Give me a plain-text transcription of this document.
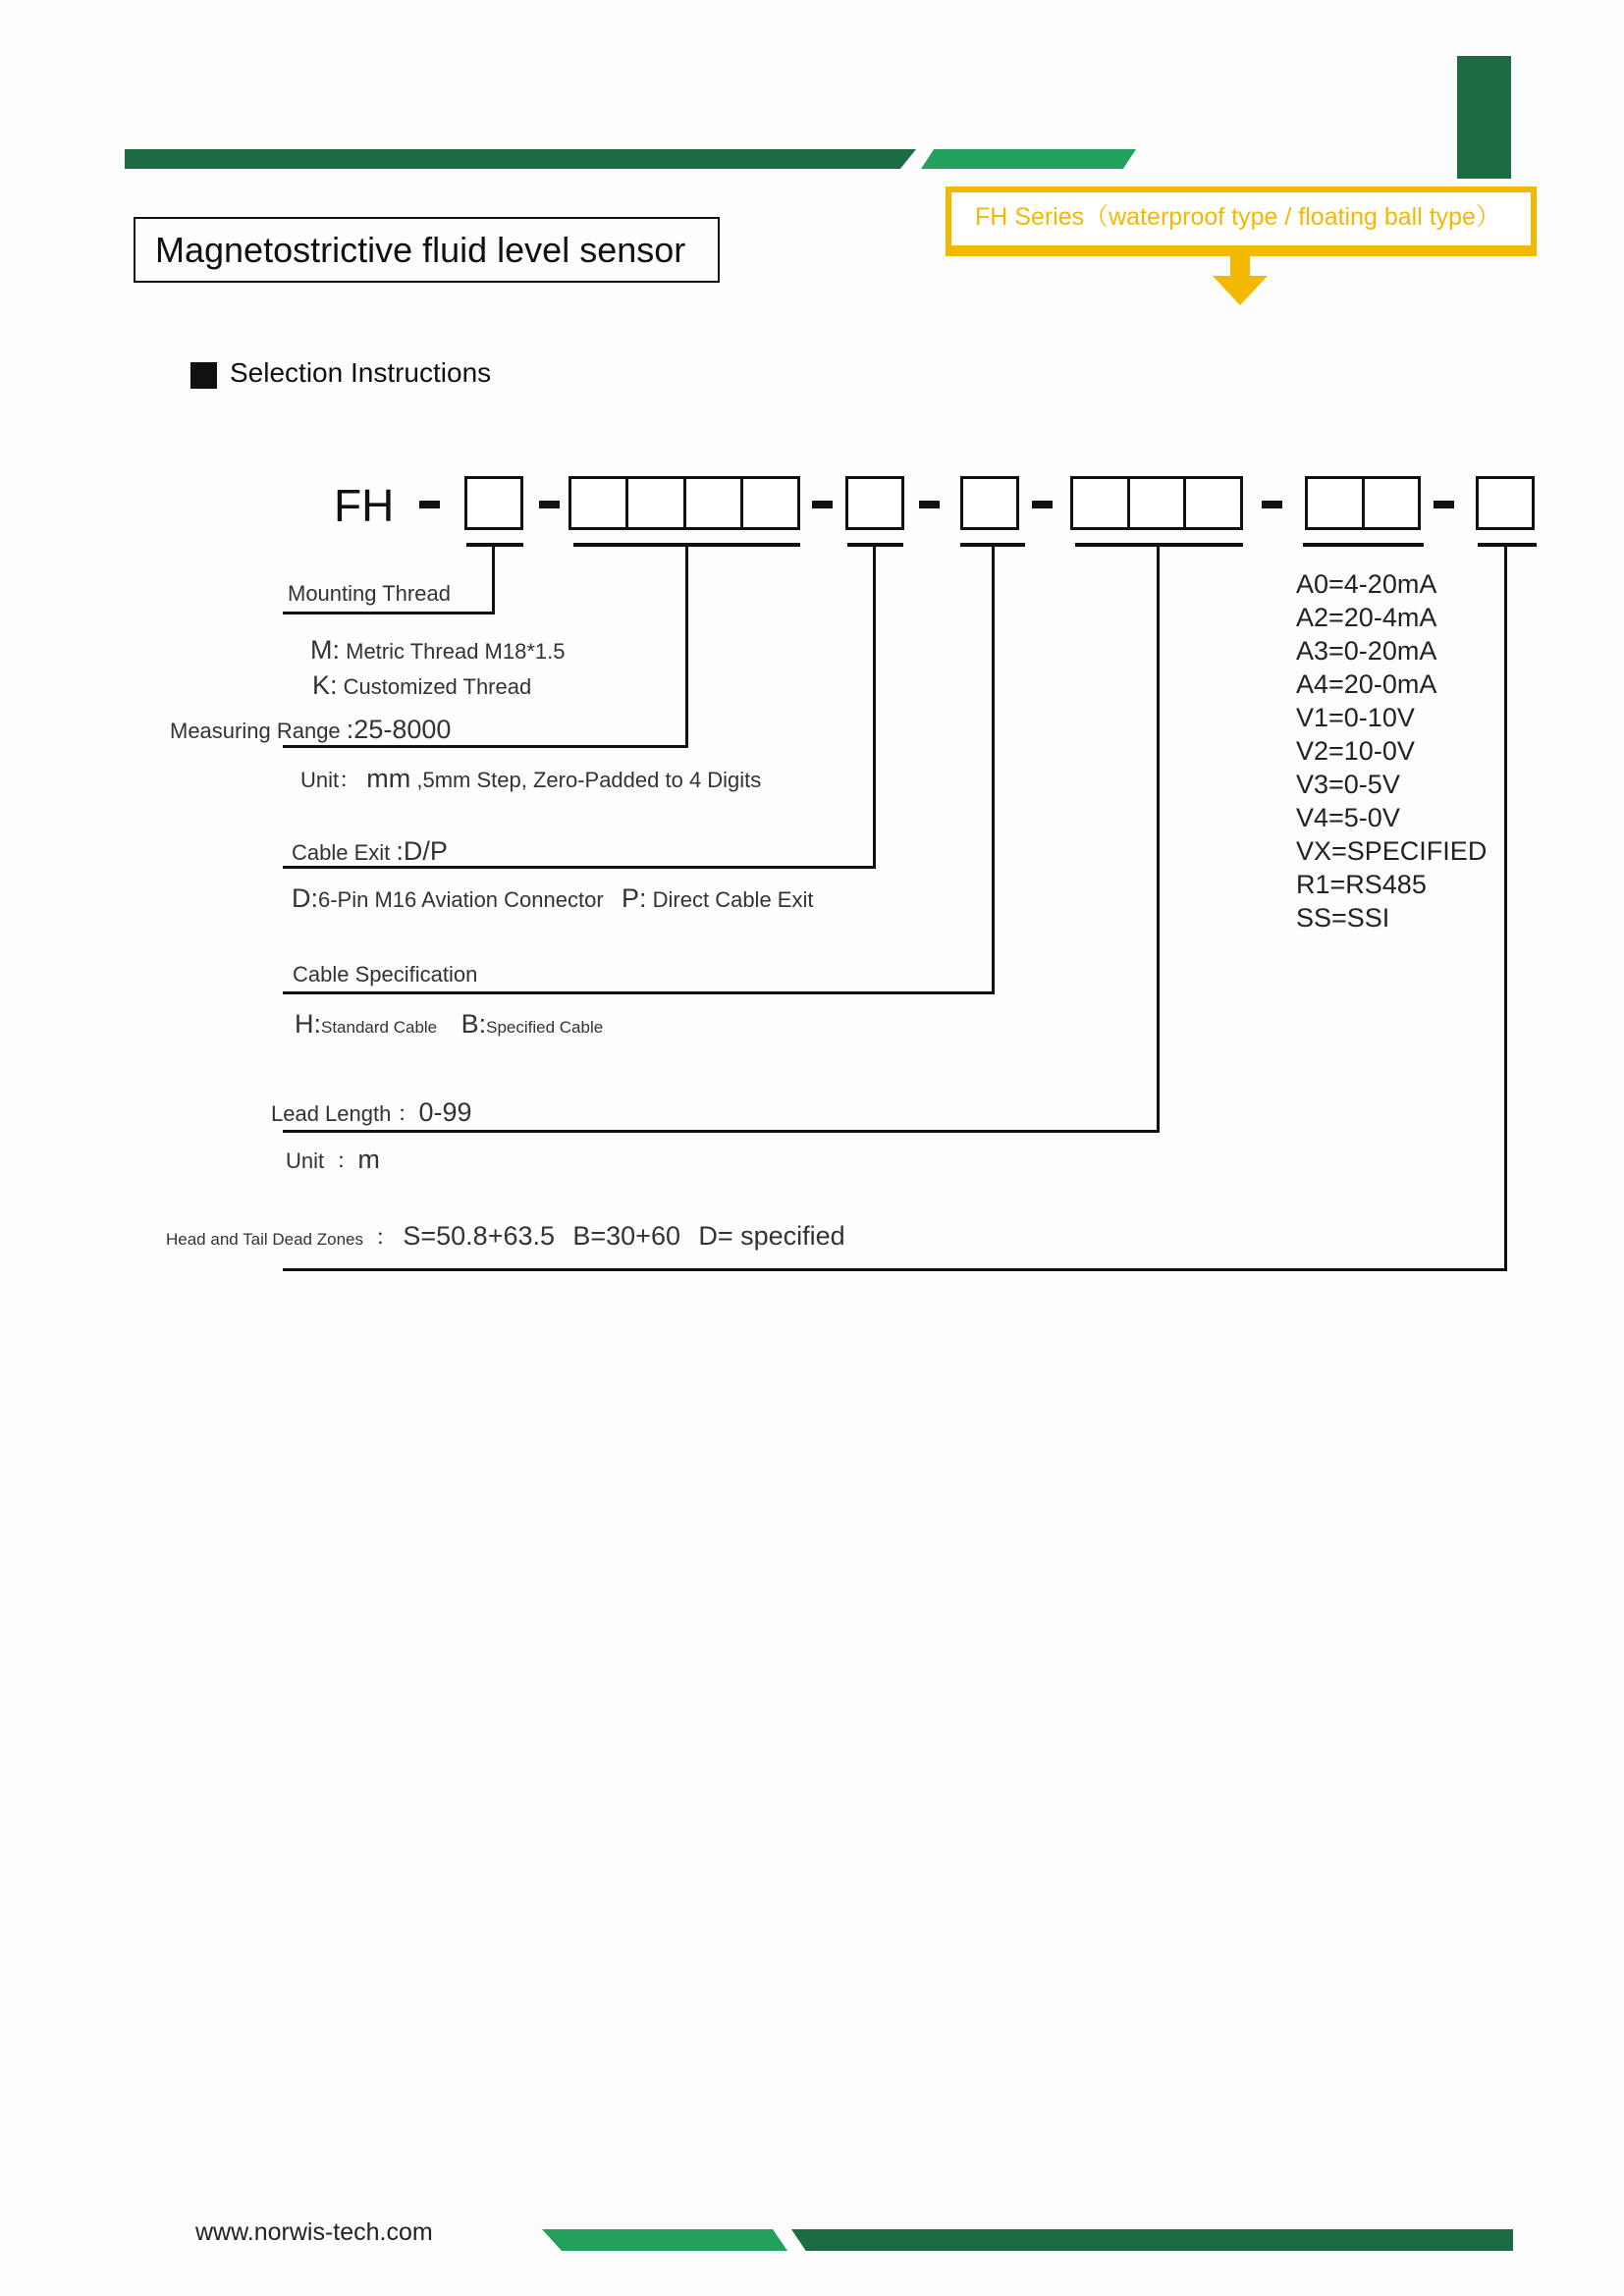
Magnetostrictive fluid level sensor
FH Series（waterproof type / floating ball type）
Selection Instructions
FH
Mounting Thread
M: Metric Thread M18*1.5
K: Customized Thread
Measuring Range :25-8000
Unit： mm ,5mm Step, Zero-Padded to 4 Digits
Cable Exit :D/P
D:6-Pin M16 Aviation Connector P: Direct Cable Exit
Cable Specification
H:Standard Cable B:Specified Cable
Lead Length ：0-99
Unit ：m
Head and Tail Dead Zones ： S=50.8+63.5 B=30+60 D= specified
A0=4-20mA
A2=20-4mA
A3=0-20mA
A4=20-0mA
V1=0-10V
V2=10-0V
V3=0-5V
V4=5-0V
VX=SPECIFIED
R1=RS485
SS=SSI
www.norwis-tech.com
